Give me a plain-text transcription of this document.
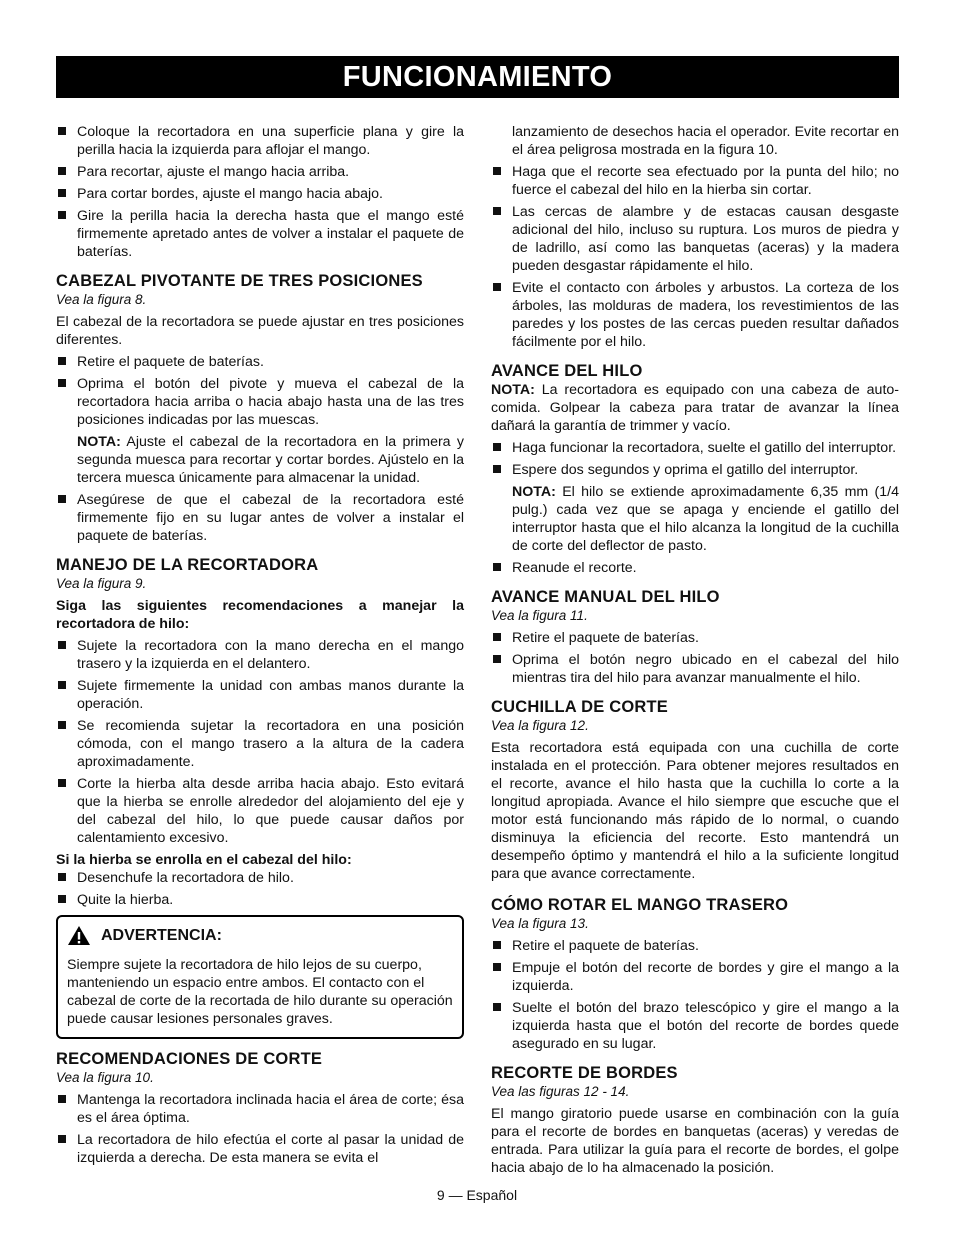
FUNCIONAMIENTO
Coloque la recortadora en una superficie plana y gire la perilla hacia la izquierda para aflojar el mango.
Para recortar, ajuste el mango hacia arriba.
Para cortar bordes, ajuste el mango hacia abajo.
Gire la perilla hacia la derecha hasta que el mango esté firmemente apretado antes de volver a instalar el paquete de baterías.
CABEZAL PIVOTANTE DE TRES POSICIONES
Vea la figura 8.

El cabezal de la recortadora se puede ajustar en tres posiciones diferentes.

Retire el paquete de baterías.
Oprima el botón del pivote y mueva el cabezal de la recortadora hacia arriba o hacia abajo hasta una de las tres posiciones indicadas por las muescas.
NOTA: Ajuste el cabezal de la recortadora en la primera y segunda muesca para recortar y cortar bordes. Ajústelo en la tercera muesca únicamente para almacenar la unidad.
Asegúrese de que el cabezal de la recortadora esté firmemente fijo en su lugar antes de volver a instalar el paquete de baterías.
MANEJO DE LA RECORTADORA
Vea la figura 9.

Siga las siguientes recomendaciones a manejar la recortadora de hilo:

Sujete la recortadora con la mano derecha en el mango trasero y la izquierda en el delantero.
Sujete firmemente la unidad con ambas manos durante la operación.
Se recomienda sujetar la recortadora en una posición cómoda, con el mango trasero a la altura de la cadera aproximadamente.
Corte la hierba alta desde arriba hacia abajo. Esto evitará que la hierba se enrolle alrededor del alojamiento del eje y del cabezal del hilo, lo que puede causar daños por calentamiento excesivo.

Si la hierba se enrolla en el cabezal del hilo:

Desenchufe la recortadora de hilo.
Quite la hierba.
ADVERTENCIA:

Siempre sujete la recortadora de hilo lejos de su cuerpo, manteniendo un espacio entre ambos. El contacto con el cabezal de corte de la recortada de hilo durante su operación puede causar lesiones personales graves.

RECOMENDACIONES DE CORTE
Vea la figura 10.
Mantenga la recortadora inclinada hacia el área de corte; ésa es el área óptima.
La recortadora de hilo efectúa el corte al pasar la unidad de izquierda a derecha. De esta manera se evita el

lanzamiento de desechos hacia el operador. Evite recortar en el área peligrosa mostrada en la figura 10.

Haga que el recorte sea efectuado por la punta del hilo; no fuerce el cabezal del hilo en la hierba sin cortar.
Las cercas de alambre y de estacas causan desgaste adicional del hilo, incluso su ruptura. Los muros de piedra y de ladrillo, así como las banquetas (aceras) y la madera pueden desgastar rápidamente el hilo.
Evite el contacto con árboles y arbustos. La corteza de los árboles, las molduras de madera, los revestimientos de las paredes y los postes de las cercas pueden resultar dañados fácilmente por el hilo.
AVANCE DEL HILO

NOTA: La recortadora es equipado con una cabeza de auto-comida. Golpear la cabeza para tratar de avanzar la línea dañará la garantía de trimmer y vacío.

Haga funcionar la recortadora, suelte el gatillo del interruptor.
Espere dos segundos y oprima el gatillo del interruptor.
NOTA: El hilo se extiende aproximadamente 6,35 mm (1/4 pulg.) cada vez que se apaga y enciende el gatillo del interruptor hasta que el hilo alcanza la longitud de la cuchilla de corte del deflector de pasto.
Reanude el recorte.
AVANCE MANUAL DEL HILO
Vea la figura 11.
Retire el paquete de baterías.
Oprima el botón negro ubicado en el cabezal del hilo mientras tira del hilo para avanzar manualmente el hilo.
CUCHILLA DE CORTE
Vea la figura 12.

Esta recortadora está equipada con una cuchilla de corte instalada en el protección. Para obtener mejores resultados en el recorte, avance el hilo hasta que la cuchilla lo corte a la longitud apropiada. Avance el hilo siempre que escuche que el motor está funcionando más rápido de lo normal, o cuando disminuya la eficiencia del recorte. Esto mantendrá un desempeño óptimo y mantendrá el hilo a la suficiente longitud para que avance correctamente.

CÓMO ROTAR EL MANGO TRASERO
Vea la figura 13.
Retire el paquete de baterías.
Empuje el botón del recorte de bordes y gire el mango a la izquierda.
Suelte el botón del brazo telescópico y gire el mango a la izquierda hasta que el botón del recorte de bordes quede asegurado en su lugar.
RECORTE DE BORDES
Vea las figuras 12 - 14.

El mango giratorio puede usarse en combinación con la guía para el recorte de bordes en banquetas (aceras) y veredas de entrada. Para utilizar la guía para el recorte de bordes, el golpe hacia abajo de lo ha almacenado la posición.

9 — Español
